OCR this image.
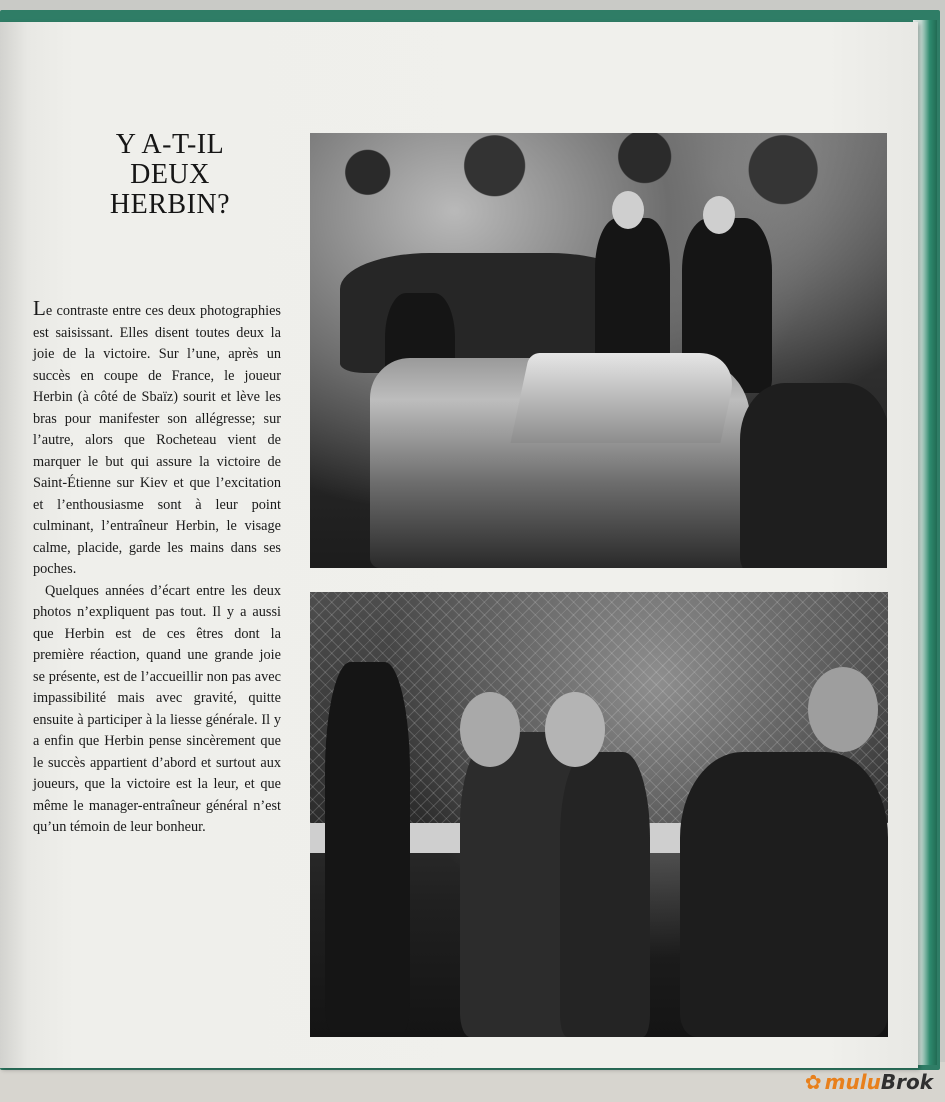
Y A-T-IL
DEUX
HERBIN?

Le contraste entre ces deux photographies est saisissant. Elles disent toutes deux la joie de la victoire. Sur l’une, après un succès en coupe de France, le joueur Herbin (à côté de Sbaïz) sourit et lève les bras pour manifester son allégresse; sur l’autre, alors que Rocheteau vient de marquer le but qui assure la victoire de Saint-Étienne sur Kiev et que l’excitation et l’enthousiasme sont à leur point culminant, l’entraîneur Herbin, le visage calme, placide, garde les mains dans ses poches.

Quelques années d’écart entre les deux photos n’expliquent pas tout. Il y a aussi que Herbin est de ces êtres dont la première réaction, quand une grande joie se présente, est de l’accueillir non pas avec impassibilité mais avec gravité, quitte ensuite à participer à la liesse générale. Il y a enfin que Herbin pense sincèrement que le succès appartient d’abord et surtout aux joueurs, que la victoire est la leur, et que même le manager-entraîneur général n’est qu’un témoin de leur bonheur.

✿ muluBrok
